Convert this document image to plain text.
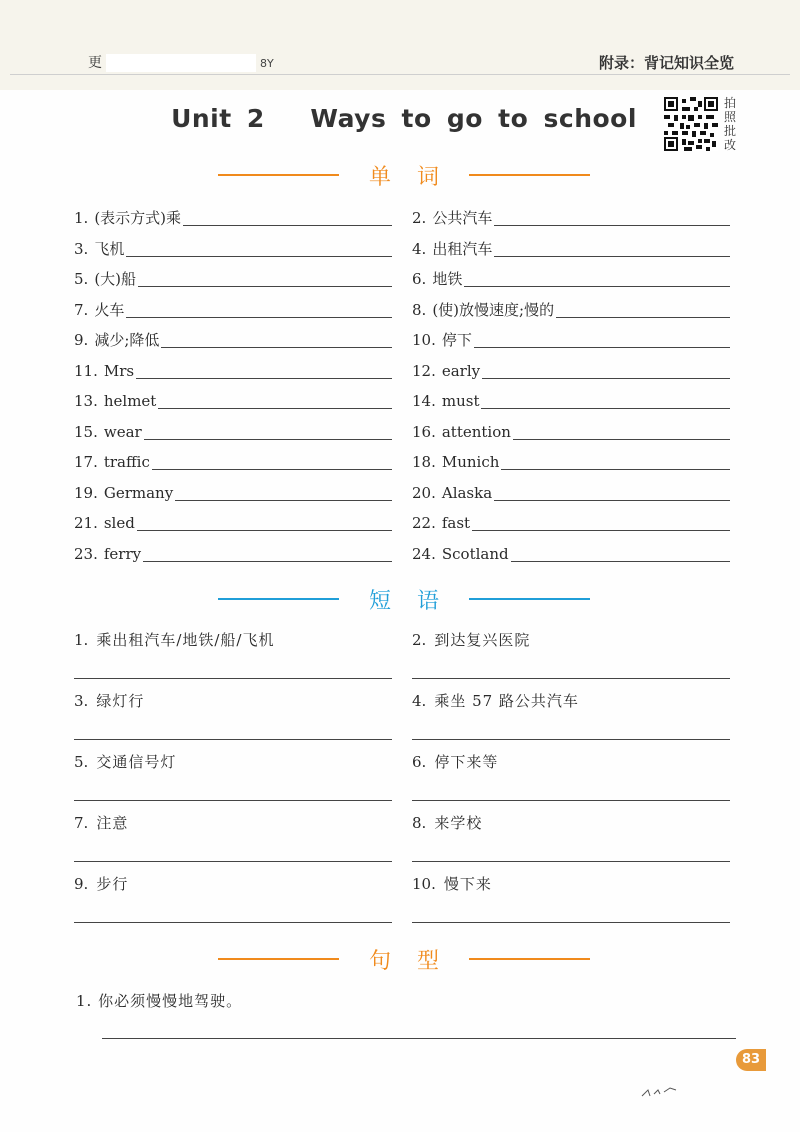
更	8Y	附录：背记知识全览
Unit 2   Ways to go to school
拍
照
批
改
单词
1. (表示方式)乘	2. 公共汽车
3. 飞机	4. 出租汽车
5. (大)船	6. 地铁
7. 火车	8. (使)放慢速度;慢的
9. 减少;降低	10. 停下
11. Mrs	12. early
13. helmet	14. must
15. wear	16. attention
17. traffic	18. Munich
19. Germany	20. Alaska
21. sled	22. fast
23. ferry	24. Scotland
短语
1. 乘出租汽车/地铁/船/飞机	2. 到达复兴医院
3. 绿灯行	4. 乘坐 57 路公共汽车
5. 交通信号灯	6. 停下来等
7. 注意	8. 来学校
9. 步行	10. 慢下来
句型
1. 你必须慢慢地驾驶。
83
